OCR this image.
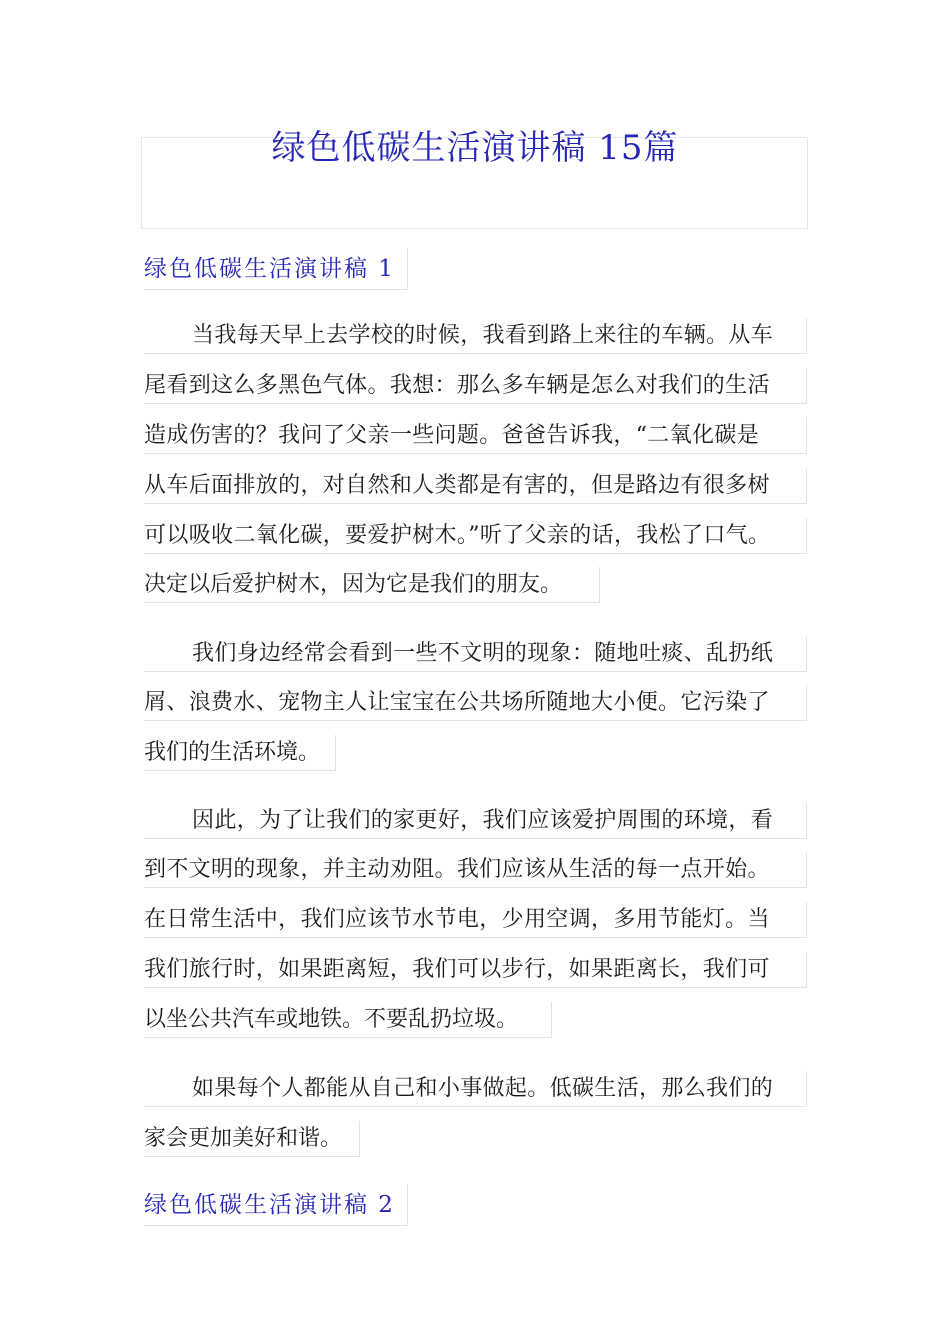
绿色低碳生活演讲稿 15篇
绿色低碳生活演讲稿 1
当我每天早上去学校的时候，我看到路上来往的车辆。从车
尾看到这么多黑色气体。我想：那么多车辆是怎么对我们的生活
造成伤害的？我问了父亲一些问题。爸爸告诉我，“二氧化碳是
从车后面排放的，对自然和人类都是有害的，但是路边有很多树
可以吸收二氧化碳，要爱护树木。”听了父亲的话，我松了口气。
决定以后爱护树木，因为它是我们的朋友。
我们身边经常会看到一些不文明的现象：随地吐痰、乱扔纸
屑、浪费水、宠物主人让宝宝在公共场所随地大小便。它污染了
我们的生活环境。
因此，为了让我们的家更好，我们应该爱护周围的环境，看
到不文明的现象，并主动劝阻。我们应该从生活的每一点开始。
在日常生活中，我们应该节水节电，少用空调，多用节能灯。当
我们旅行时，如果距离短，我们可以步行，如果距离长，我们可
以坐公共汽车或地铁。不要乱扔垃圾。
如果每个人都能从自己和小事做起。低碳生活，那么我们的
家会更加美好和谐。
绿色低碳生活演讲稿 2
